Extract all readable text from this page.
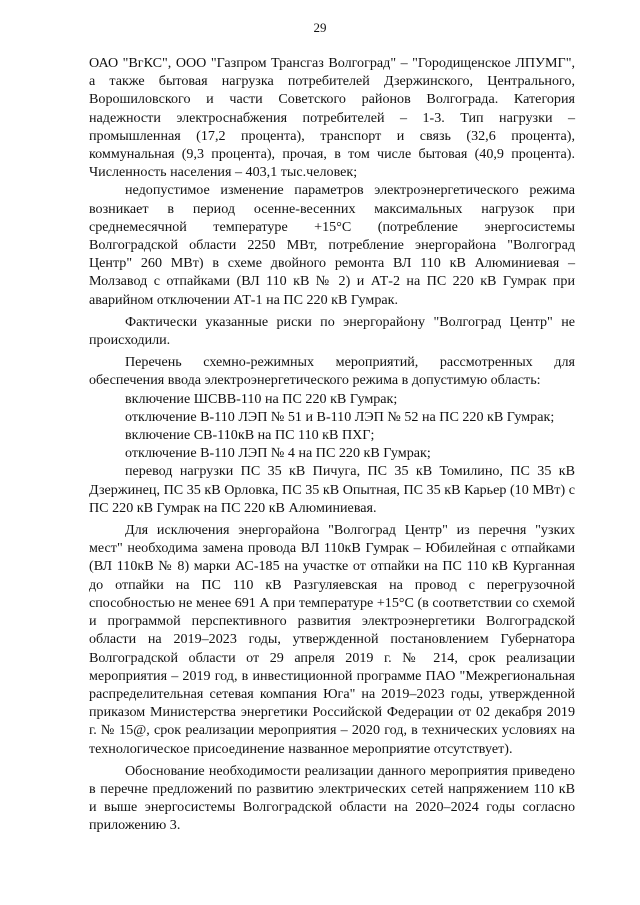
29

ОАО "ВгКС", ООО "Газпром Трансгаз Волгоград" – "Городищенское ЛПУМГ", а также бытовая нагрузка потребителей Дзержинского, Центрального, Ворошиловского и части Советского районов Волгограда. Категория надежности электроснабжения потребителей – 1-3. Тип нагрузки – промышленная (17,2 процента), транспорт и связь (32,6 процента), коммунальная (9,3 процента), прочая, в том числе бытовая (40,9 процента). Численность населения – 403,1 тыс.человек;

недопустимое изменение параметров электроэнергетического режима возникает в период осенне-весенних максимальных нагрузок при среднемесячной температуре +15°С (потребление энергосистемы Волгоградской области 2250 МВт, потребление энергорайона "Волгоград Центр" 260 МВт) в схеме двойного ремонта ВЛ 110 кВ Алюминиевая – Молзавод с отпайками (ВЛ 110 кВ № 2) и АТ-2 на ПС 220 кВ Гумрак при аварийном отключении АТ-1 на ПС 220 кВ Гумрак.

Фактически указанные риски по энергорайону "Волгоград Центр" не происходили.

Перечень схемно-режимных мероприятий, рассмотренных для обеспечения ввода электроэнергетического режима в допустимую область:

включение ШСВВ-110 на ПС 220 кВ Гумрак;

отключение В-110 ЛЭП № 51 и В-110 ЛЭП № 52 на ПС 220 кВ Гумрак;

включение СВ-110кВ на ПС 110 кВ ПХГ;

отключение В-110 ЛЭП № 4 на ПС 220 кВ Гумрак;

перевод нагрузки ПС 35 кВ Пичуга, ПС 35 кВ Томилино, ПС 35 кВ Дзержинец, ПС 35 кВ Орловка, ПС 35 кВ Опытная, ПС 35 кВ Карьер (10 МВт) с ПС 220 кВ Гумрак на ПС 220 кВ Алюминиевая.

Для исключения энергорайона "Волгоград Центр" из перечня "узких мест" необходима замена провода ВЛ 110кВ Гумрак – Юбилейная с отпайками (ВЛ 110кВ № 8) марки АС-185 на участке от отпайки на ПС 110 кВ Курганная до отпайки на ПС 110 кВ Разгуляевская на провод с перегрузочной способностью не менее 691 А при температуре +15°С (в соответствии со схемой и программой перспективного развития электроэнергетики Волгоградской области на 2019–2023 годы, утвержденной постановлением Губернатора Волгоградской области от 29 апреля 2019 г. № 214, срок реализации мероприятия – 2019 год, в инвестиционной программе ПАО "Межрегиональная распределительная сетевая компания Юга" на 2019–2023 годы, утвержденной приказом Министерства энергетики Российской Федерации от 02 декабря 2019 г. № 15@, срок реализации мероприятия – 2020 год, в технических условиях на технологическое присоединение названное мероприятие отсутствует).

Обоснование необходимости реализации данного мероприятия приведено в перечне предложений по развитию электрических сетей напряжением 110 кВ и выше энергосистемы Волгоградской области на 2020–2024 годы согласно приложению 3.
